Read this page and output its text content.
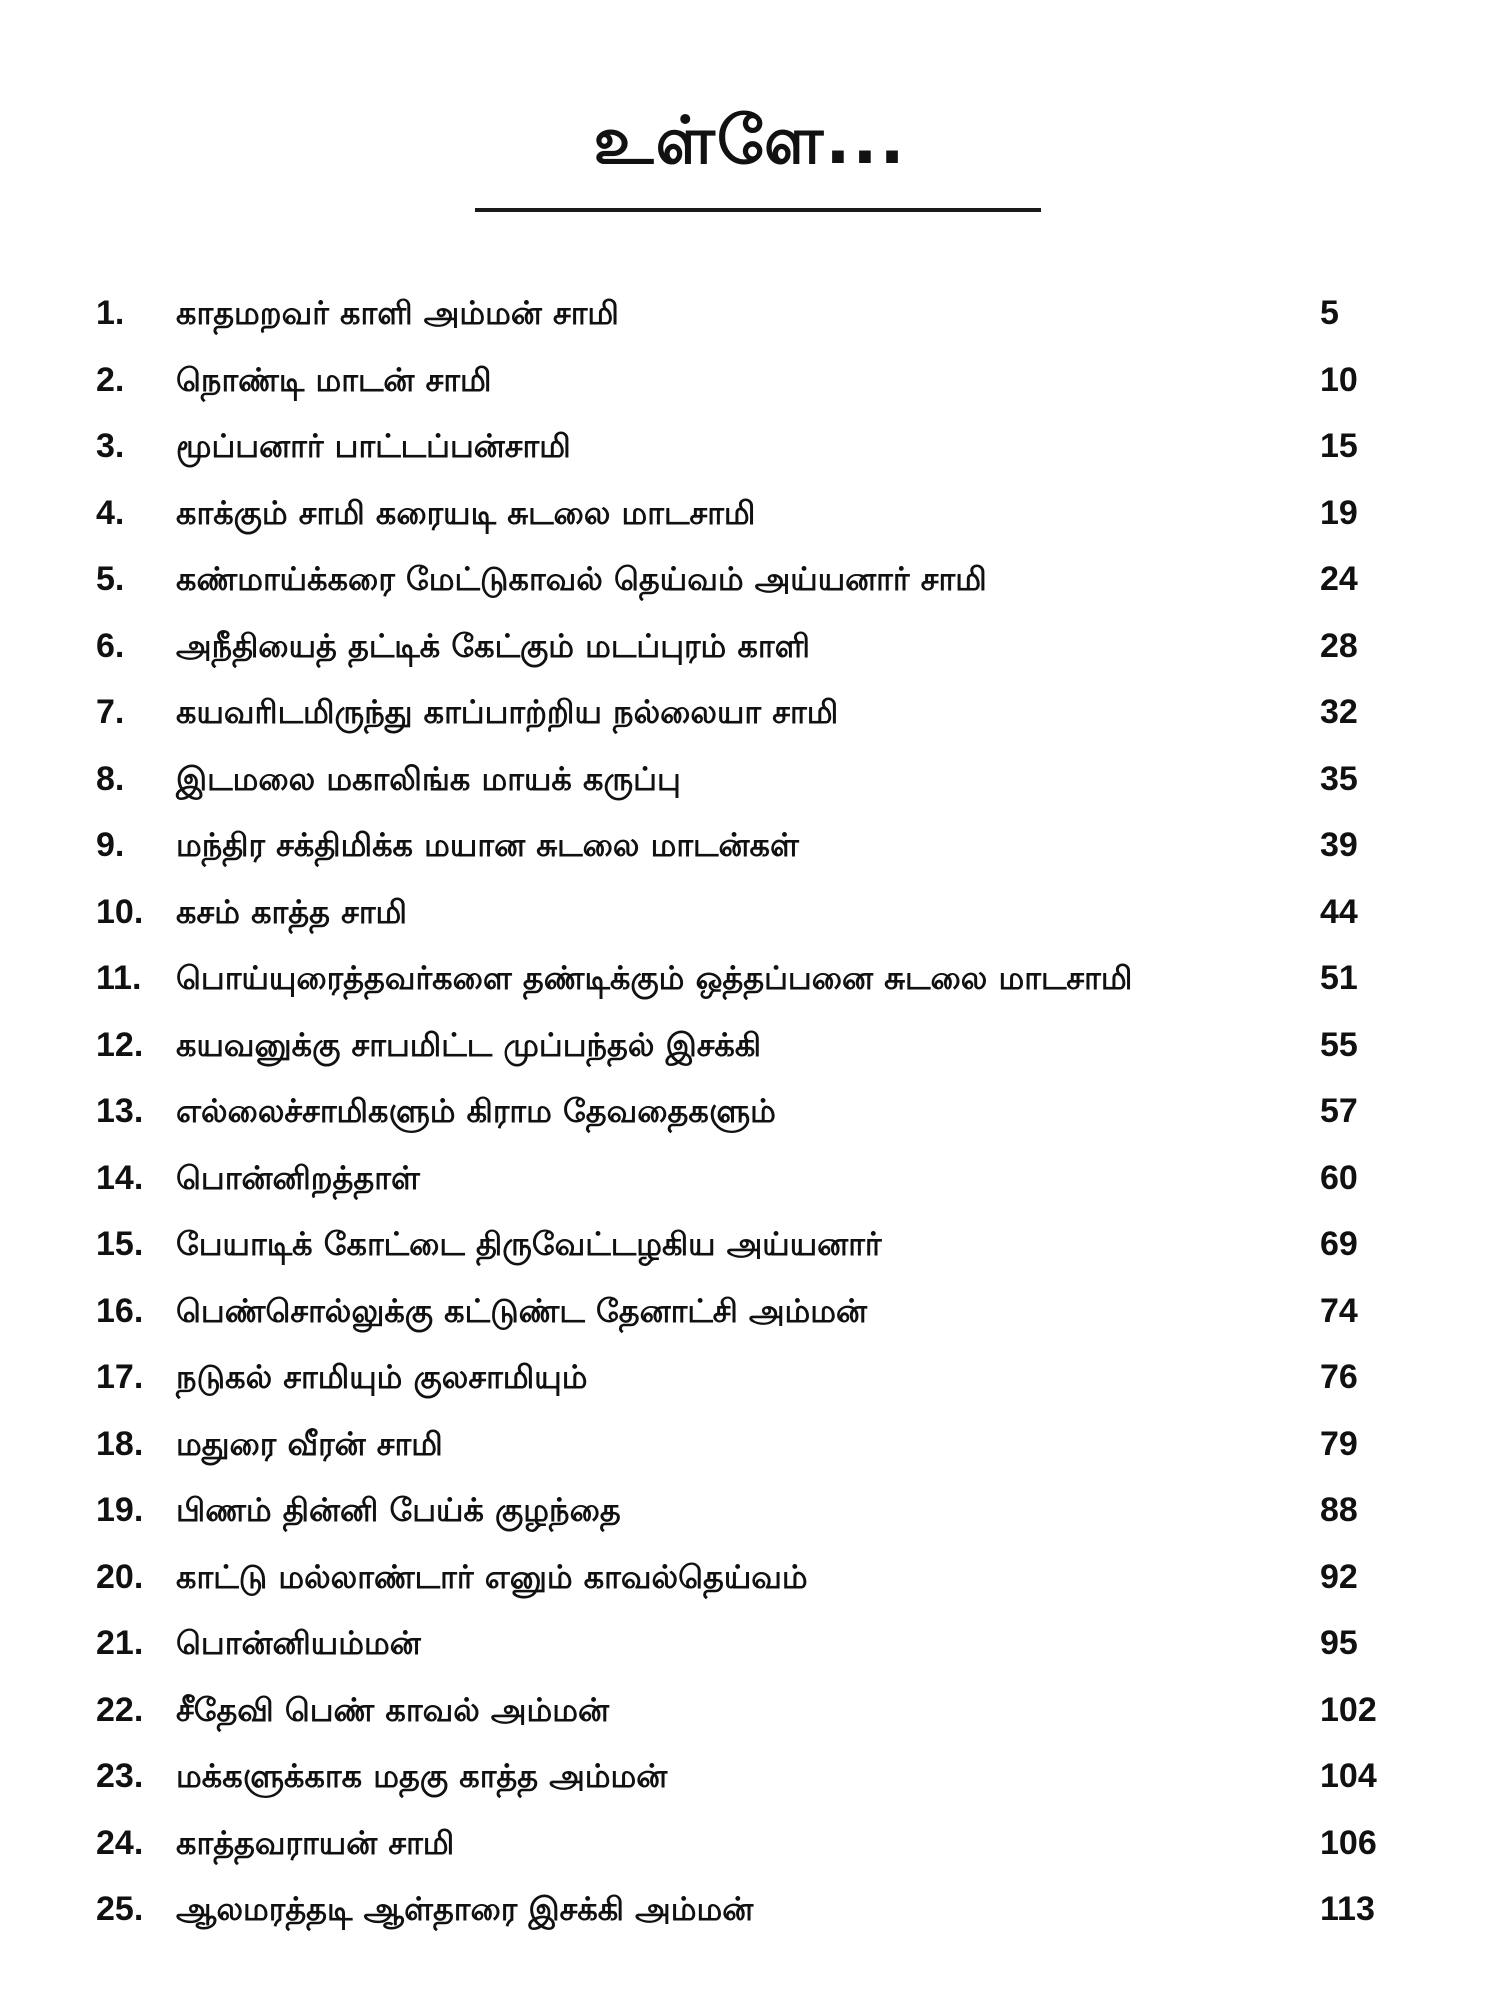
உள்ளே...
1. காதமறவர் காளி அம்மன் சாமி	5
2. நொண்டி மாடன் சாமி	10
3. மூப்பனார் பாட்டப்பன்சாமி	15
4. காக்கும் சாமி கரையடி சுடலை மாடசாமி	19
5. கண்மாய்க்கரை மேட்டுகாவல் தெய்வம் அய்யனார் சாமி	24
6. அநீதியைத் தட்டிக் கேட்கும் மடப்புரம் காளி	28
7. கயவரிடமிருந்து காப்பாற்றிய நல்லையா சாமி	32
8. இடமலை மகாலிங்க மாயக் கருப்பு	35
9. மந்திர சக்திமிக்க மயான சுடலை மாடன்கள்	39
10. கசம் காத்த சாமி	44
11. பொய்யுரைத்தவர்களை தண்டிக்கும் ஒத்தப்பனை சுடலை மாடசாமி	51
12. கயவனுக்கு சாபமிட்ட முப்பந்தல் இசக்கி	55
13. எல்லைச்சாமிகளும் கிராம தேவதைகளும்	57
14. பொன்னிறத்தாள்	60
15. பேயாடிக் கோட்டை திருவேட்டழகிய அய்யனார்	69
16. பெண்சொல்லுக்கு கட்டுண்ட தேனாட்சி அம்மன்	74
17. நடுகல் சாமியும் குலசாமியும்	76
18. மதுரை வீரன் சாமி	79
19. பிணம் தின்னி பேய்க் குழந்தை	88
20. காட்டு மல்லாண்டார் எனும் காவல்தெய்வம்	92
21. பொன்னியம்மன்	95
22. சீதேவி பெண் காவல் அம்மன்	102
23. மக்களுக்காக மதகு காத்த அம்மன்	104
24. காத்தவராயன் சாமி	106
25. ஆலமரத்தடி ஆள்தாரை இசக்கி அம்மன்	113
